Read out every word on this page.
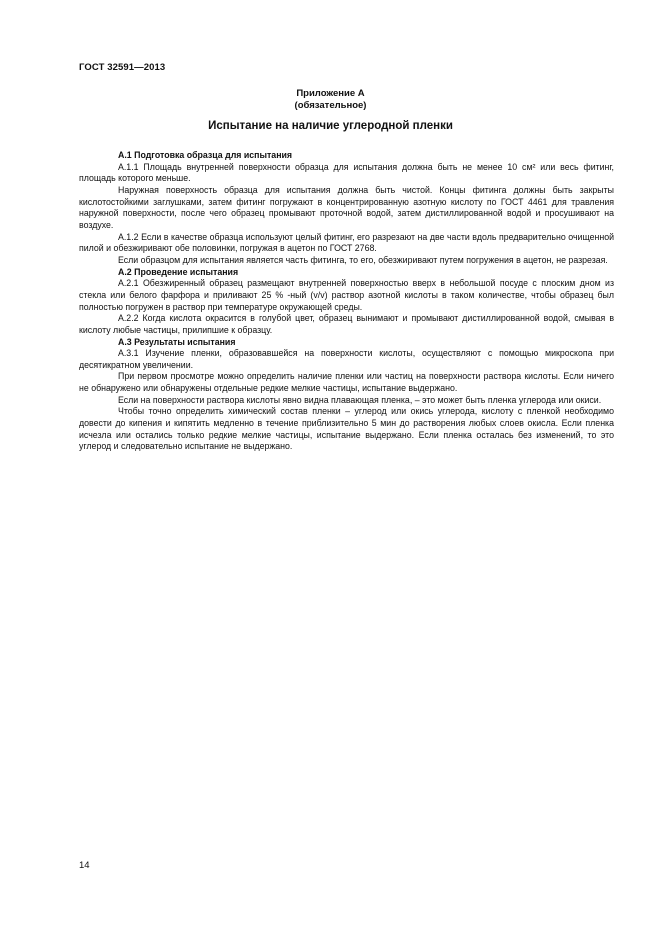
ГОСТ 32591—2013
Приложение А
(обязательное)
Испытание на наличие углеродной пленки

А.1 Подготовка образца для испытания

А.1.1 Площадь внутренней поверхности образца для испытания должна быть не менее 10 см² или весь фитинг, площадь которого меньше.

Наружная поверхность образца для испытания должна быть чистой. Концы фитинга должны быть закрыты кислотостойкими заглушками, затем фитинг погружают в концентрированную азотную кислоту по ГОСТ 4461 для травления наружной поверхности, после чего образец промывают проточной водой, затем дистиллированной водой и просушивают на воздухе.

А.1.2 Если в качестве образца используют целый фитинг, его разрезают на две части вдоль предварительно очищенной пилой и обезжиривают обе половинки, погружая в ацетон по ГОСТ 2768.

Если образцом для испытания является часть фитинга, то его, обезжиривают путем погружения в ацетон, не разрезая.

А.2 Проведение испытания

А.2.1 Обезжиренный образец размещают внутренней поверхностью вверх в небольшой посуде с плоским дном из стекла или белого фарфора и приливают 25 % -ный (v/v) раствор азотной кислоты в таком количестве, чтобы образец был полностью погружен в раствор при температуре окружающей среды.

А.2.2 Когда кислота окрасится в голубой цвет, образец вынимают и промывают дистиллированной водой, смывая в кислоту любые частицы, прилипшие к образцу.

А.3 Результаты испытания

А.3.1 Изучение пленки, образовавшейся на поверхности кислоты, осуществляют с помощью микроскопа при десятикратном увеличении.

При первом просмотре можно определить наличие пленки или частиц на поверхности раствора кислоты. Если ничего не обнаружено или обнаружены отдельные редкие мелкие частицы, испытание выдержано.

Если на поверхности раствора кислоты явно видна плавающая пленка, – это может быть пленка углерода или окиси.

Чтобы точно определить химический состав пленки – углерод или окись углерода, кислоту с пленкой необходимо довести до кипения и кипятить медленно в течение приблизительно 5 мин до растворения любых слоев окисла. Если пленка исчезла или остались только редкие мелкие частицы, испытание выдержано. Если пленка осталась без изменений, то это углерод и следовательно испытание не выдержано.

14
